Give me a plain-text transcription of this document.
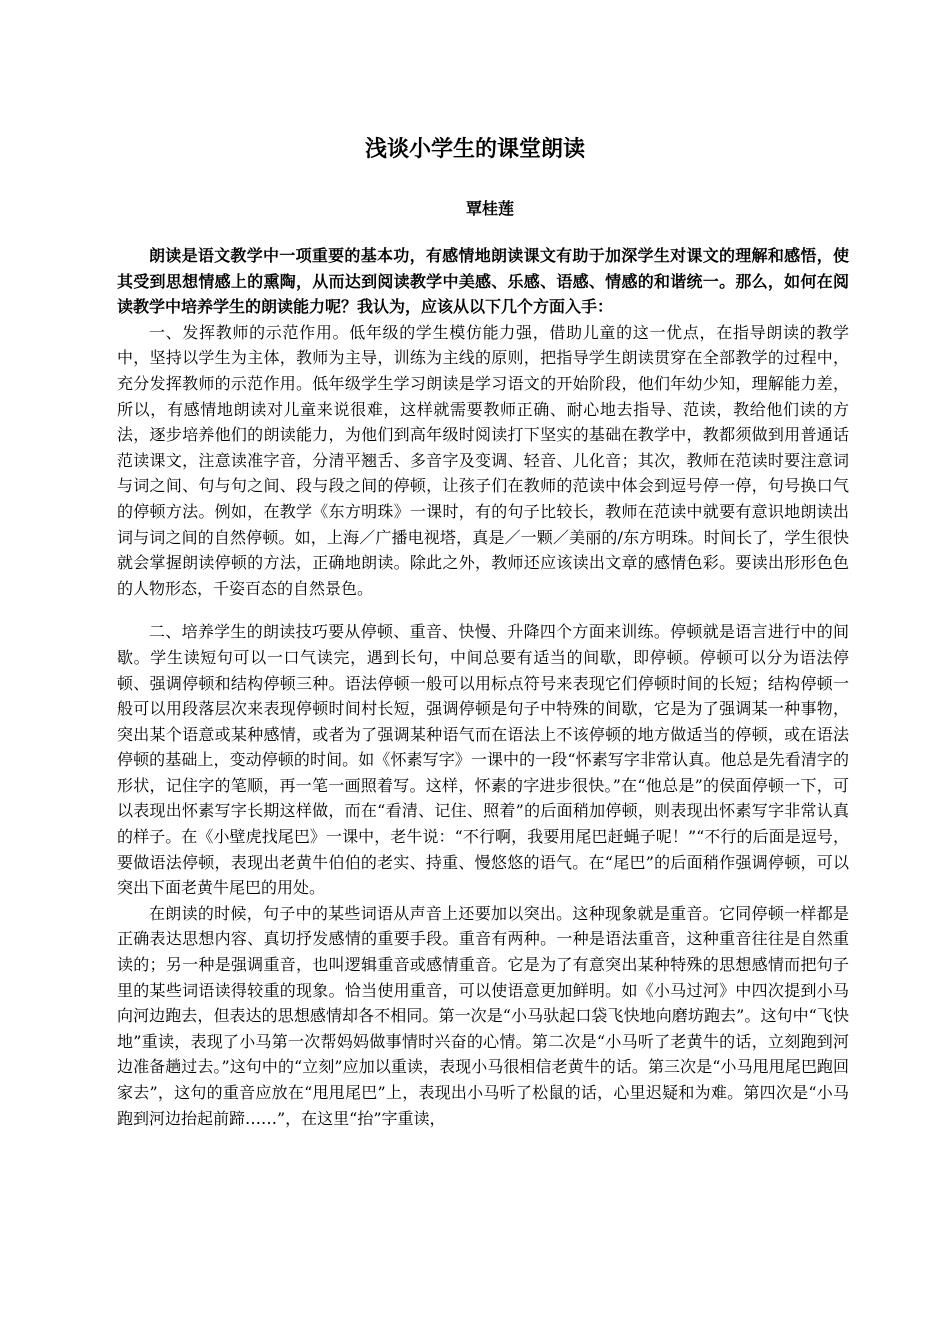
浅谈小学生的课堂朗读
覃桂莲

朗读是语文教学中一项重要的基本功，有感情地朗读课文有助于加深学生对课文的理解和感悟，使其受到思想情感上的熏陶，从而达到阅读教学中美感、乐感、语感、情感的和谐统一。那么，如何在阅读教学中培养学生的朗读能力呢？我认为，应该从以下几个方面入手：

一、发挥教师的示范作用。低年级的学生模仿能力强，借助儿童的这一优点，在指导朗读的教学中，坚持以学生为主体，教师为主导，训练为主线的原则，把指导学生朗读贯穿在全部教学的过程中，充分发挥教师的示范作用。低年级学生学习朗读是学习语文的开始阶段，他们年幼少知，理解能力差，所以，有感情地朗读对儿童来说很难，这样就需要教师正确、耐心地去指导、范读，教给他们读的方法，逐步培养他们的朗读能力，为他们到高年级时阅读打下坚实的基础在教学中，教都须做到用普通话范读课文，注意读准字音，分清平翘舌、多音字及变调、轻音、儿化音；其次，教师在范读时要注意词与词之间、句与句之间、段与段之间的停顿，让孩子们在教师的范读中体会到逗号停一停，句号换口气的停顿方法。例如，在教学《东方明珠》一课时，有的句子比较长，教师在范读中就要有意识地朗读出词与词之间的自然停顿。如，上海／广播电视塔，真是／一颗／美丽的/东方明珠。时间长了，学生很快就会掌握朗读停顿的方法，正确地朗读。除此之外，教师还应该读出文章的感情色彩。要读出形形色色的人物形态，千姿百态的自然景色。

二、培养学生的朗读技巧要从停顿、重音、快慢、升降四个方面来训练。停顿就是语言进行中的间歇。学生读短句可以一口气读完，遇到长句，中间总要有适当的间歇，即停顿。停顿可以分为语法停顿、强调停顿和结构停顿三种。语法停顿一般可以用标点符号来表现它们停顿时间的长短；结构停顿一般可以用段落层次来表现停顿时间村长短，强调停顿是句子中特殊的间歇，它是为了强调某一种事物，突出某个语意或某种感情，或者为了强调某种语气而在语法上不该停顿的地方做适当的停顿，或在语法停顿的基础上，变动停顿的时间。如《怀素写字》一课中的一段“怀素写字非常认真。他总是先看清字的形状，记住字的笔顺，再一笔一画照着写。这样，怀素的字进步很快。”在“他总是”的侯面停顿一下，可以表现出怀素写字长期这样做，而在“看清、记住、照着”的后面稍加停顿，则表现出怀素写字非常认真的样子。在《小壁虎找尾巴》一课中，老牛说：“不行啊，我要用尾巴赶蝇子呢！”“不行的后面是逗号，要做语法停顿，表现出老黄牛伯伯的老实、持重、慢悠悠的语气。在“尾巴”的后面稍作强调停顿，可以突出下面老黄牛尾巴的用处。

在朗读的时候，句子中的某些词语从声音上还要加以突出。这种现象就是重音。它同停顿一样都是正确表达思想内容、真切抒发感情的重要手段。重音有两种。一种是语法重音，这种重音往往是自然重读的；另一种是强调重音，也叫逻辑重音或感情重音。它是为了有意突出某种特殊的思想感情而把句子里的某些词语读得较重的现象。恰当使用重音，可以使语意更加鲜明。如《小马过河》中四次提到小马向河边跑去，但表达的思想感情却各不相同。第一次是“小马驮起口袋飞快地向磨坊跑去”。这句中“飞快地”重读，表现了小马第一次帮妈妈做事情时兴奋的心情。第二次是“小马听了老黄牛的话，立刻跑到河边准备趟过去。”这句中的“立刻”应加以重读，表现小马很相信老黄牛的话。第三次是“小马甩甩尾巴跑回家去”，这句的重音应放在“甩甩尾巴”上，表现出小马听了松鼠的话，心里迟疑和为难。第四次是“小马跑到河边抬起前蹄……”，在这里“抬”字重读，
